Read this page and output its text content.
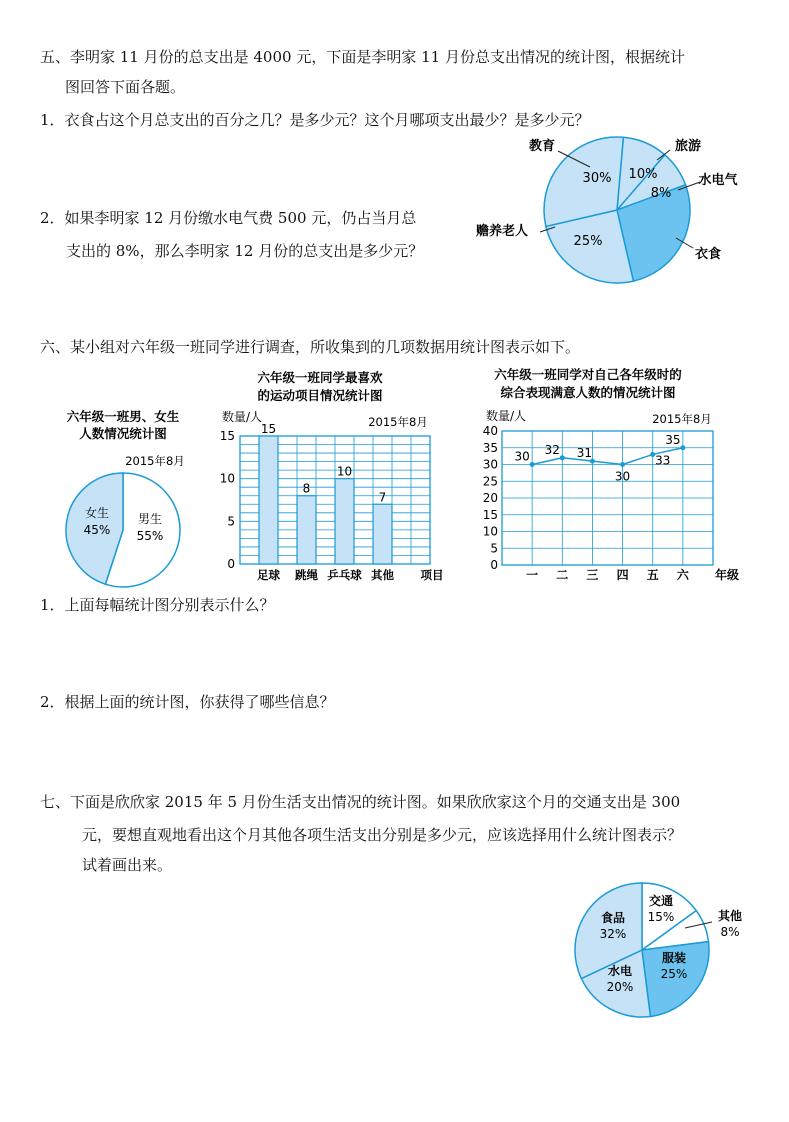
五、李明家 11 月份的总支出是 4000 元，下面是李明家 11 月份总支出情况的统计图，根据统计
图回答下面各题。
1．衣食占这个月总支出的百分之几？是多少元？这个月哪项支出最少？是多少元？
2．如果李明家 12 月份缴水电气费 500 元，仍占当月总
支出的 8%，那么李明家 12 月份的总支出是多少元？
30% 10%
8%
25%
教育	旅游
水电气
衣食
赡养老人
六、某小组对六年级一班同学进行调查，所收集到的几项数据用统计图表示如下。
六年级一班男、女生
人数情况统计图
2015年8月
男生
55%
女生
45%
六年级一班同学最喜欢
的运动项目情况统计图
数量/人	2015年8月
0
5
10
15 15
足球
8
跳绳
10
乒乓球
7
其他 项目
六年级一班同学对自己各年级时的
综合表现满意人数的情况统计图
数量/人	2015年8月
0
5
10
15
20
25
30
35
40
30
一
32
二
31
三
30
四
33
五
35
六 年级
1．上面每幅统计图分别表示什么？
2．根据上面的统计图，你获得了哪些信息？
七、下面是欣欣家 2015 年 5 月份生活支出情况的统计图。如果欣欣家这个月的交通支出是 300
元，要想直观地看出这个月其他各项生活支出分别是多少元，应该选择用什么统计图表示？
试着画出来。
交通
15%
服装
25%
水电
20%
食品
32%
其他
8%
